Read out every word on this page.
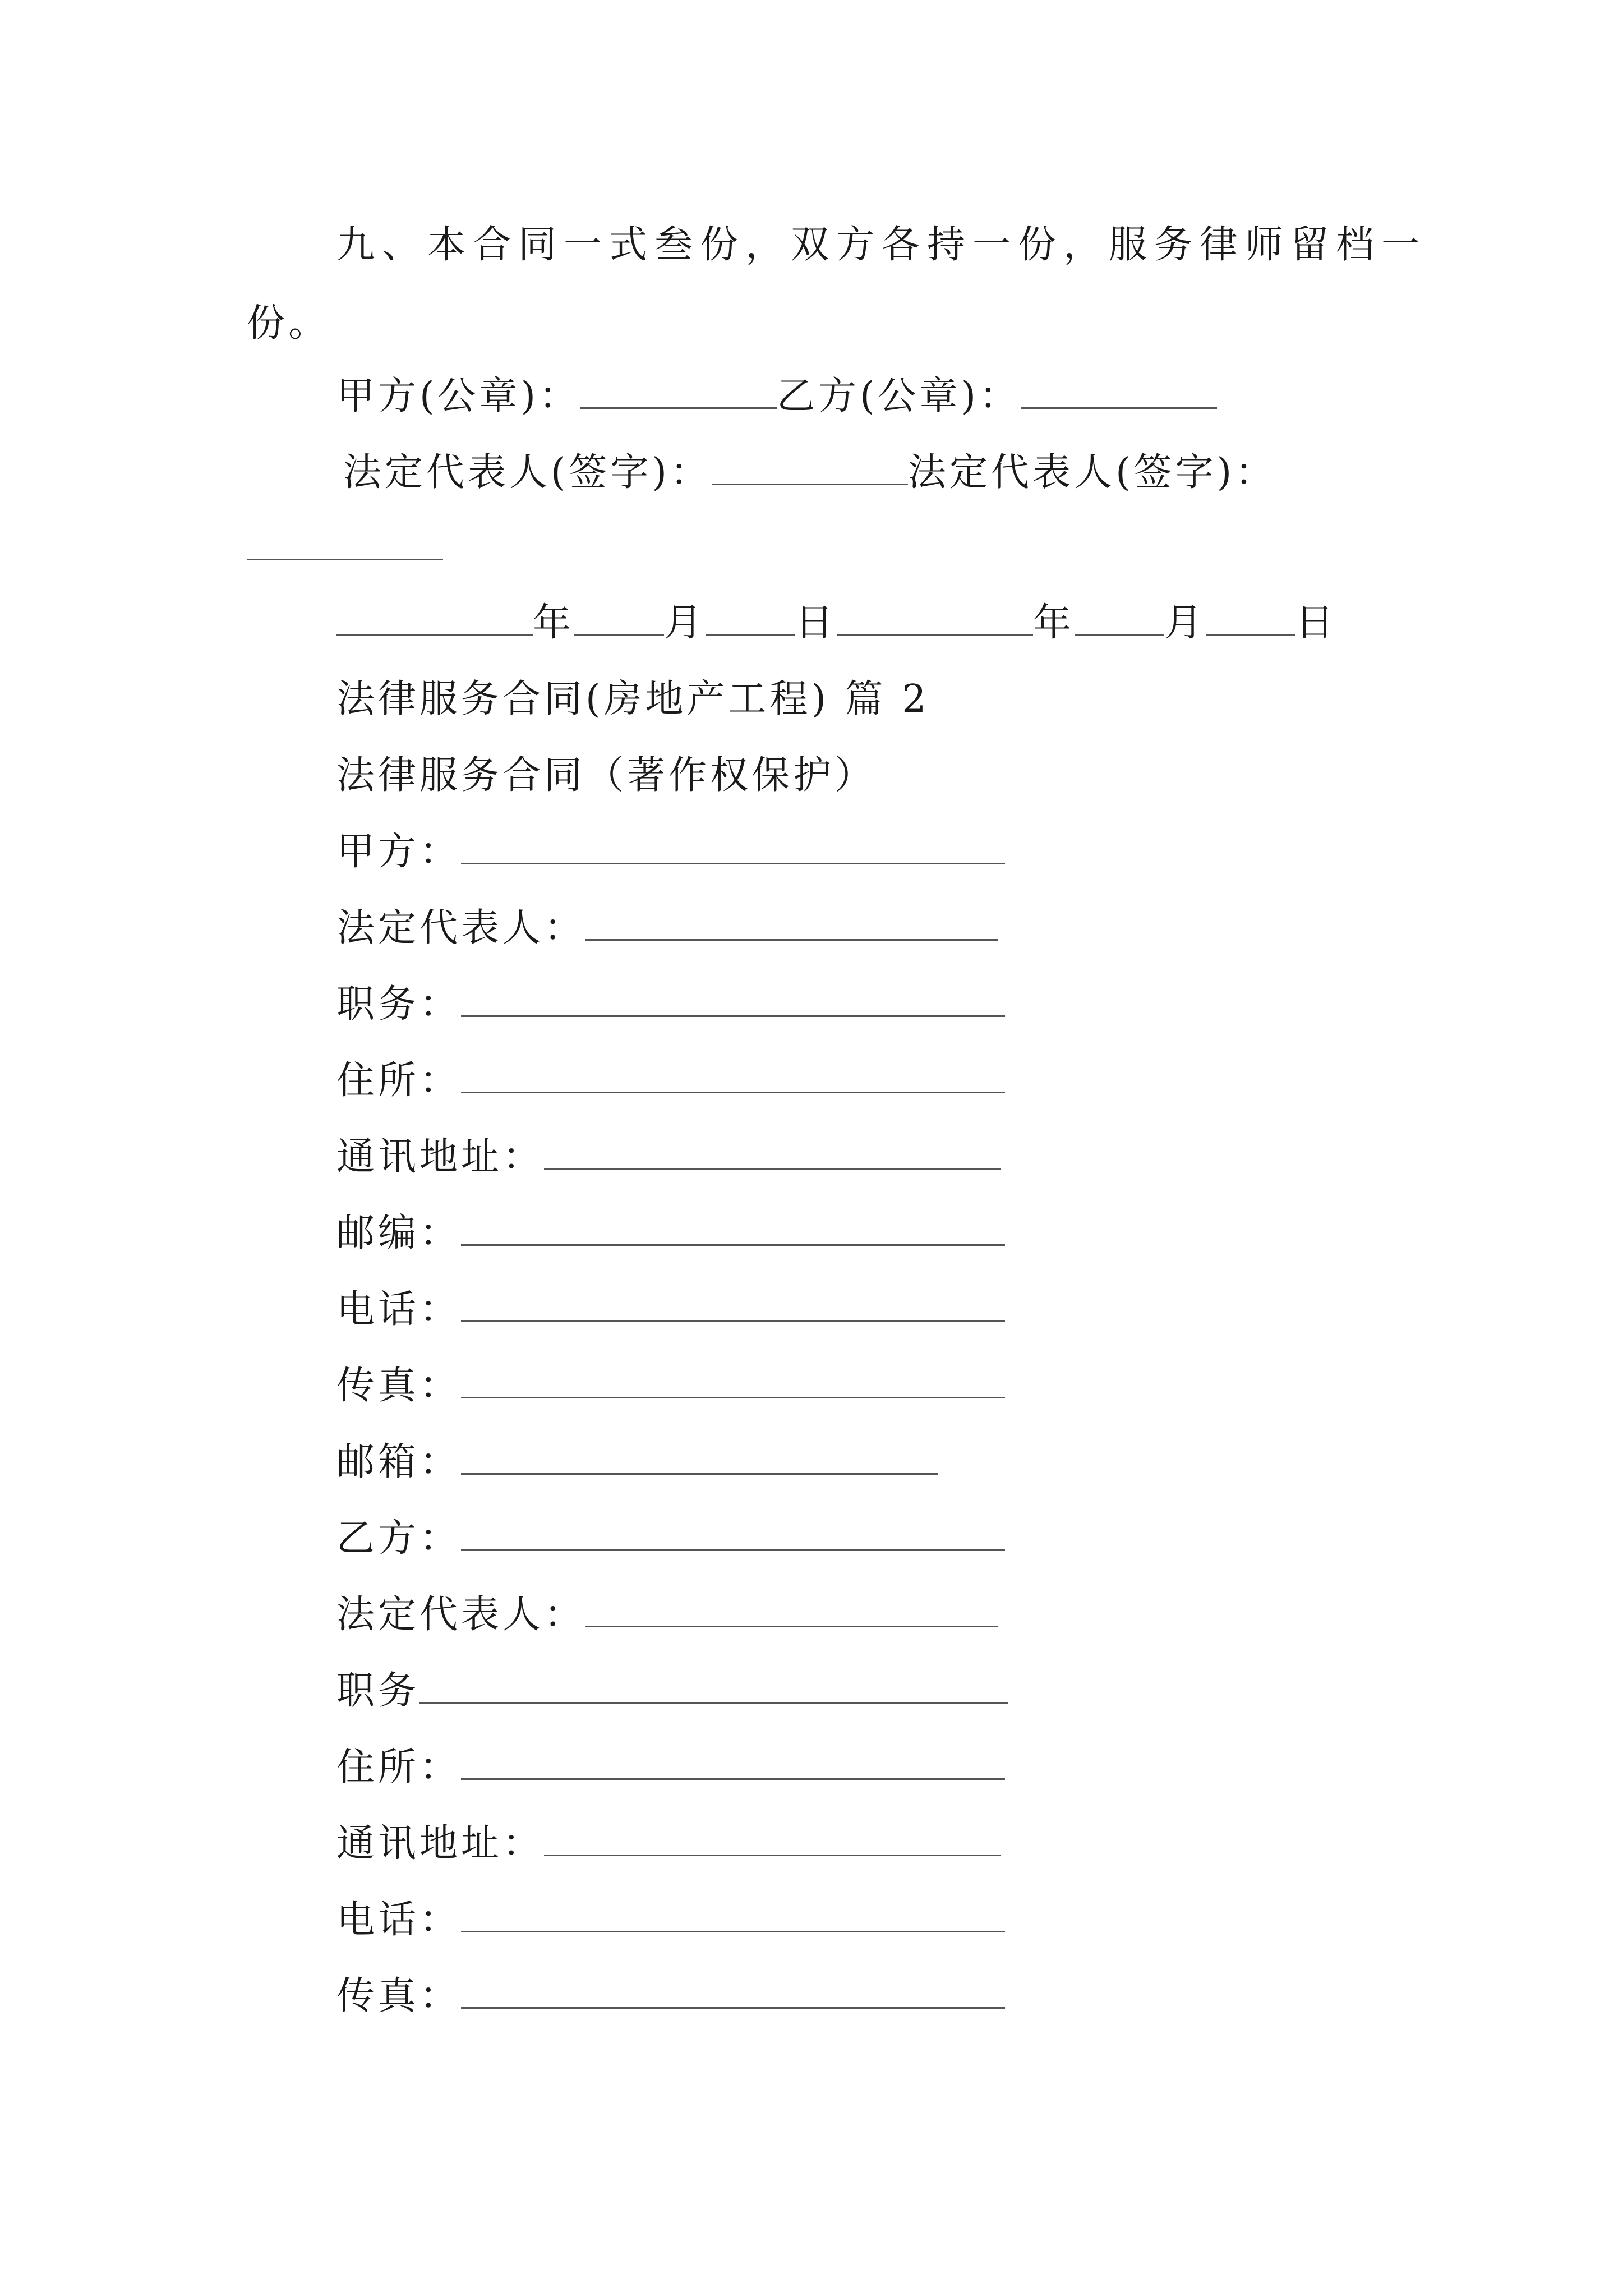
九、本合同一式叁份，双方各持一份，服务律师留档一
份。
甲方(公章)：	乙方(公章)：
法定代表人(签字)：	法定代表人(签字)：
年 月 日	年 月 日
法律服务合同(房地产工程) 篇 2
法律服务合同（著作权保护）
甲方：
法定代表人：
职务：
住所：
通讯地址：
邮编：
电话：
传真：
邮箱：
乙方：
法定代表人：
职务
住所：
通讯地址：
电话：
传真：
